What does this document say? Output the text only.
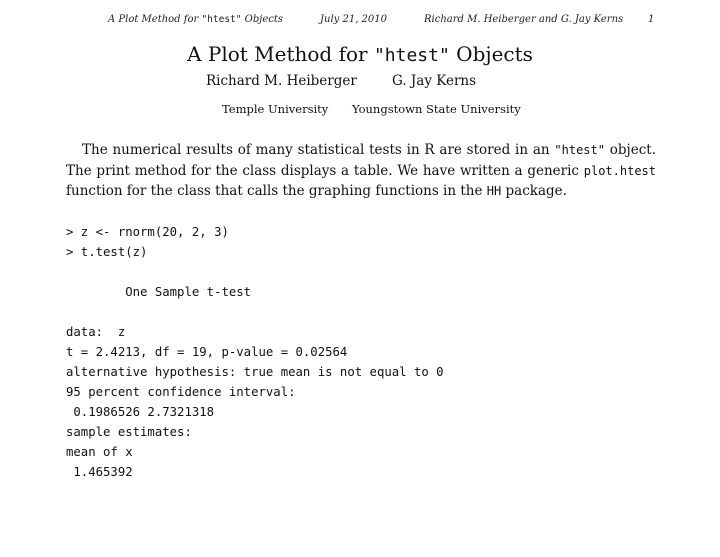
A Plot Method for "htest" Objects	July 21, 2010	Richard M. Heiberger and G. Jay Kerns 1
A Plot Method for "htest" Objects
Richard M. Heiberger	G. Jay Kerns
Temple University Youngstown State University

The numerical results of many statistical tests in R are stored in an "htest" object. The print method for the class displays a table. We have written a generic plot.htest function for the class that calls the graphing functions in the HH package.

> z <- rnorm(20, 2, 3)
> t.test(z)
One Sample t-test
data:  z
t = 2.4213, df = 19, p-value = 0.02564
alternative hypothesis: true mean is not equal to 0
95 percent confidence interval:
0.1986526 2.7321318
sample estimates:
mean of x
1.465392
